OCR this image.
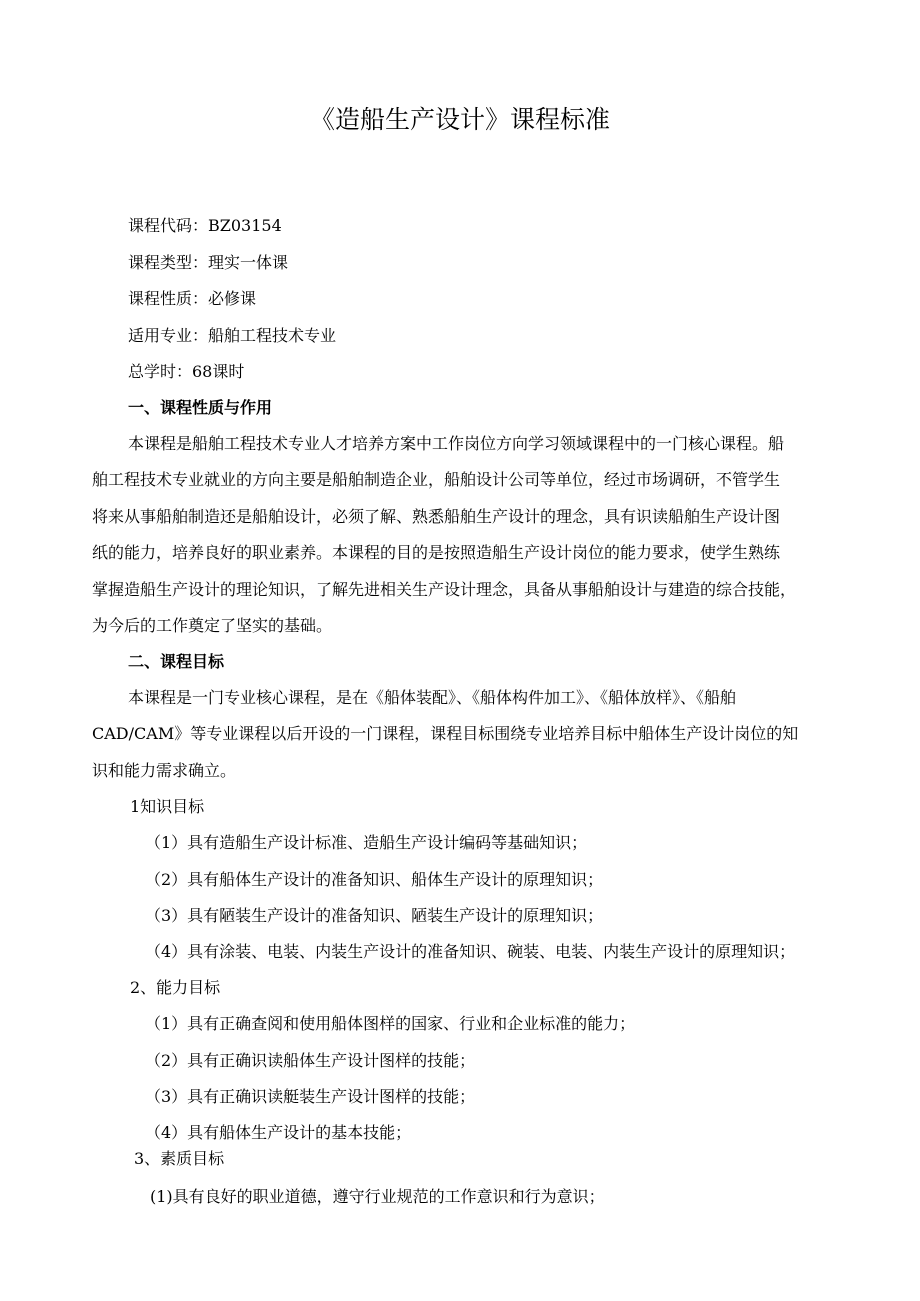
《造船生产设计》课程标准
课程代码：BZ03154
课程类型：理实一体课
课程性质：必修课
适用专业：船舶工程技术专业
总学时：68课时
一、课程性质与作用
本课程是船舶工程技术专业人才培养方案中工作岗位方向学习领域课程中的一门核心课程。船
舶工程技术专业就业的方向主要是船舶制造企业，船舶设计公司等单位，经过市场调研，不管学生
将来从事船舶制造还是船舶设计，必须了解、熟悉船舶生产设计的理念，具有识读船舶生产设计图
纸的能力，培养良好的职业素养。本课程的目的是按照造船生产设计岗位的能力要求，使学生熟练
掌握造船生产设计的理论知识，了解先进相关生产设计理念，具备从事船舶设计与建造的综合技能，
为今后的工作奠定了坚实的基础。
二、课程目标
本课程是一门专业核心课程，是在《船体装配》、《船体构件加工》、《船体放样》、《船舶
CAD/CAM》等专业课程以后开设的一门课程，课程目标围绕专业培养目标中船体生产设计岗位的知
识和能力需求确立。
1知识目标
（1）具有造船生产设计标准、造船生产设计编码等基础知识；
（2）具有船体生产设计的准备知识、船体生产设计的原理知识；
（3）具有陋装生产设计的准备知识、陋装生产设计的原理知识；
（4）具有涂装、电装、内装生产设计的准备知识、碗装、电装、内装生产设计的原理知识；
2、能力目标
（1）具有正确查阅和使用船体图样的国家、行业和企业标准的能力；
（2）具有正确识读船体生产设计图样的技能；
（3）具有正确识读艇装生产设计图样的技能；
（4）具有船体生产设计的基本技能；
3、素质目标
(1)具有良好的职业道德，遵守行业规范的工作意识和行为意识；
